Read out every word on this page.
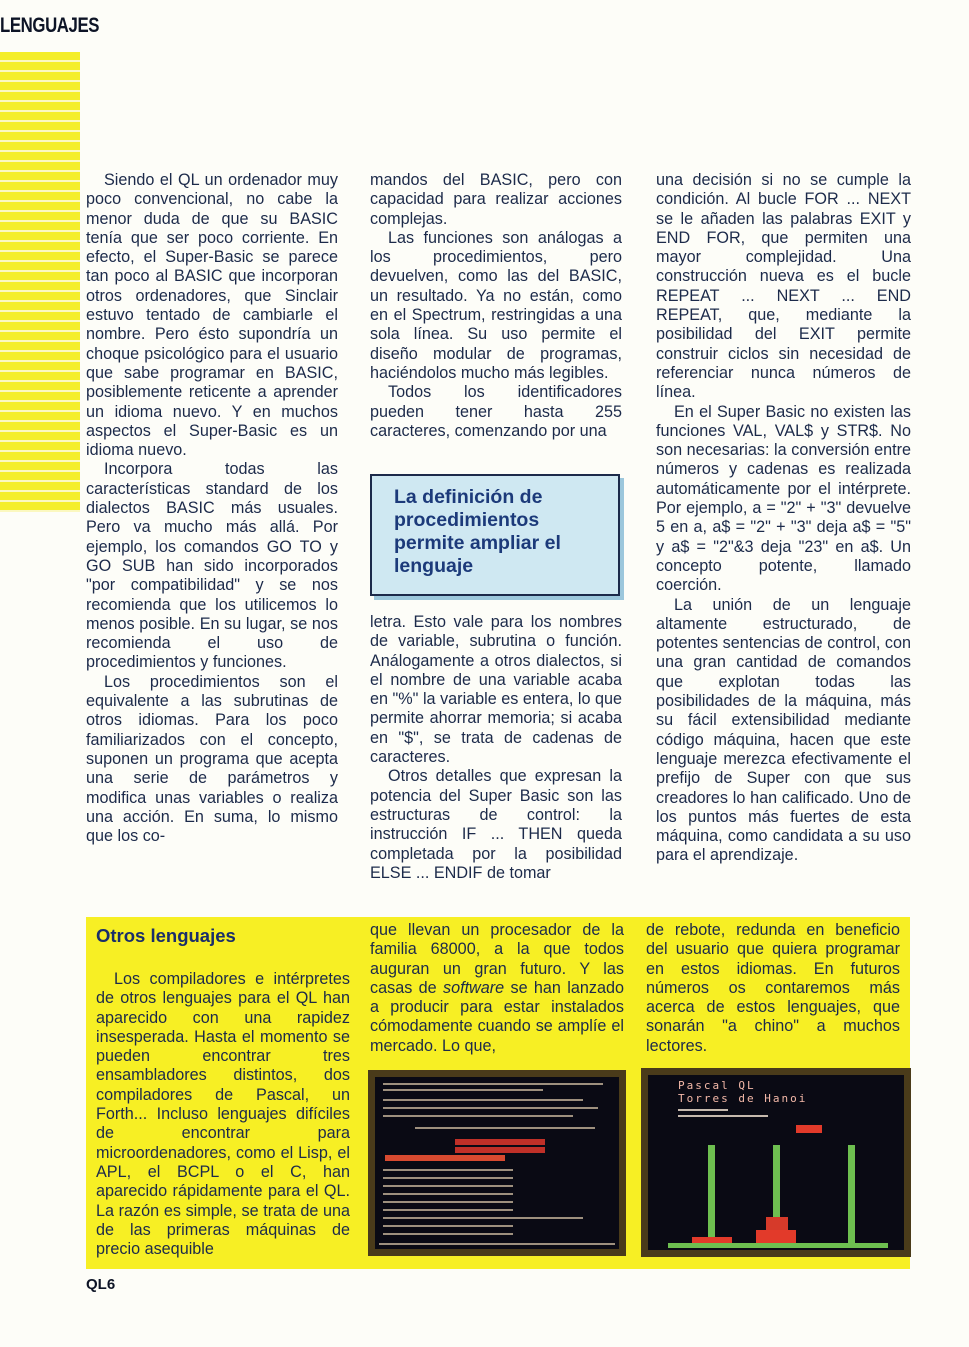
LENGUAJES

Siendo el QL un ordenador muy poco convencional, no cabe la menor duda de que su BASIC tenía que ser poco corriente. En efecto, el Super-Basic se parece tan poco al BASIC que incorporan otros ordenadores, que Sinclair estuvo tentado de cambiarle el nombre. Pero ésto supondría un choque psicológico para el usuario que sabe programar en BASIC, posiblemente reticente a aprender un idioma nuevo. Y en muchos aspectos el Super-Basic es un idioma nuevo.

Incorpora todas las características standard de los dialectos BASIC más usuales. Pero va mucho más allá. Por ejemplo, los comandos GO TO y GO SUB han sido incorporados "por compatibilidad" y se nos recomienda que los utilicemos lo menos posible. En su lugar, se nos recomienda el uso de procedimientos y funciones.

Los procedimientos son el equivalente a las subrutinas de otros idiomas. Para los poco familiarizados con el concepto, suponen un programa que acepta una serie de parámetros y modifica unas variables o realiza una acción. En suma, lo mismo que los co-

mandos del BASIC, pero con capacidad para realizar acciones complejas.

Las funciones son análogas a los procedimientos, pero devuelven, como las del BASIC, un resultado. Ya no están, como en el Spectrum, restringidas a una sola línea. Su uso permite el diseño modular de programas, haciéndolos mucho más legibles.

Todos los identificadores pueden tener hasta 255 caracteres, comenzando por una

La definición de procedimientos permite ampliar el lenguaje

letra. Esto vale para los nombres de variable, subrutina o función. Análogamente a otros dialectos, si el nombre de una variable acaba en "%" la variable es entera, lo que permite ahorrar memoria; si acaba en "$", se trata de cadenas de caracteres.

Otros detalles que expresan la potencia del Super Basic son las estructuras de control: la instrucción IF ... THEN queda completada por la posibilidad ELSE ... ENDIF de tomar

una decisión si no se cumple la condición. Al bucle FOR ... NEXT se le añaden las palabras EXIT y END FOR, que permiten una mayor complejidad. Una construcción nueva es el bucle REPEAT ... NEXT ... END REPEAT, que, mediante la posibilidad del EXIT permite construir ciclos sin necesidad de referenciar nunca números de línea.

En el Super Basic no existen las funciones VAL, VAL$ y STR$. No son necesarias: la conversión entre números y cadenas es realizada automáticamente por el intérprete. Por ejemplo, a = "2" + "3" devuelve 5 en a, a$ = "2" + "3" deja a$ = "5" y a$ = "2"&3 deja "23" en a$. Un concepto potente, llamado coerción.

La unión de un lenguaje altamente estructurado, de potentes sentencias de control, con una gran cantidad de comandos que explotan todas las posibilidades de la máquina, más su fácil extensibilidad mediante código máquina, hacen que este lenguaje merezca efectivamente el prefijo de Super con que sus creadores lo han calificado. Uno de los puntos más fuertes de esta máquina, como candidata a su uso para el aprendizaje.

Otros lenguajes

Los compiladores e intérpretes de otros lenguajes para el QL han aparecido con una rapidez insesperada. Hasta el momento se pueden encontrar tres ensambladores distintos, dos compiladores de Pascal, un Forth... Incluso lenguajes difíciles de encontrar para microordenadores, como el Lisp, el APL, el BCPL o el C, han aparecido rápidamente para el QL. La razón es simple, se trata de una de las primeras máquinas de precio asequible

que llevan un procesador de la familia 68000, a la que todos auguran un gran futuro. Y las casas de software se han lanzado a producir para estar instalados cómodamente cuando se amplíe el mercado. Lo que,

de rebote, redunda en beneficio del usuario que quiera programar en estos idiomas. En futuros números os contaremos más acerca de estos lenguajes, que sonarán "a chino" a muchos lectores.

Pascal QL
Torres de Hanoi
QL6
